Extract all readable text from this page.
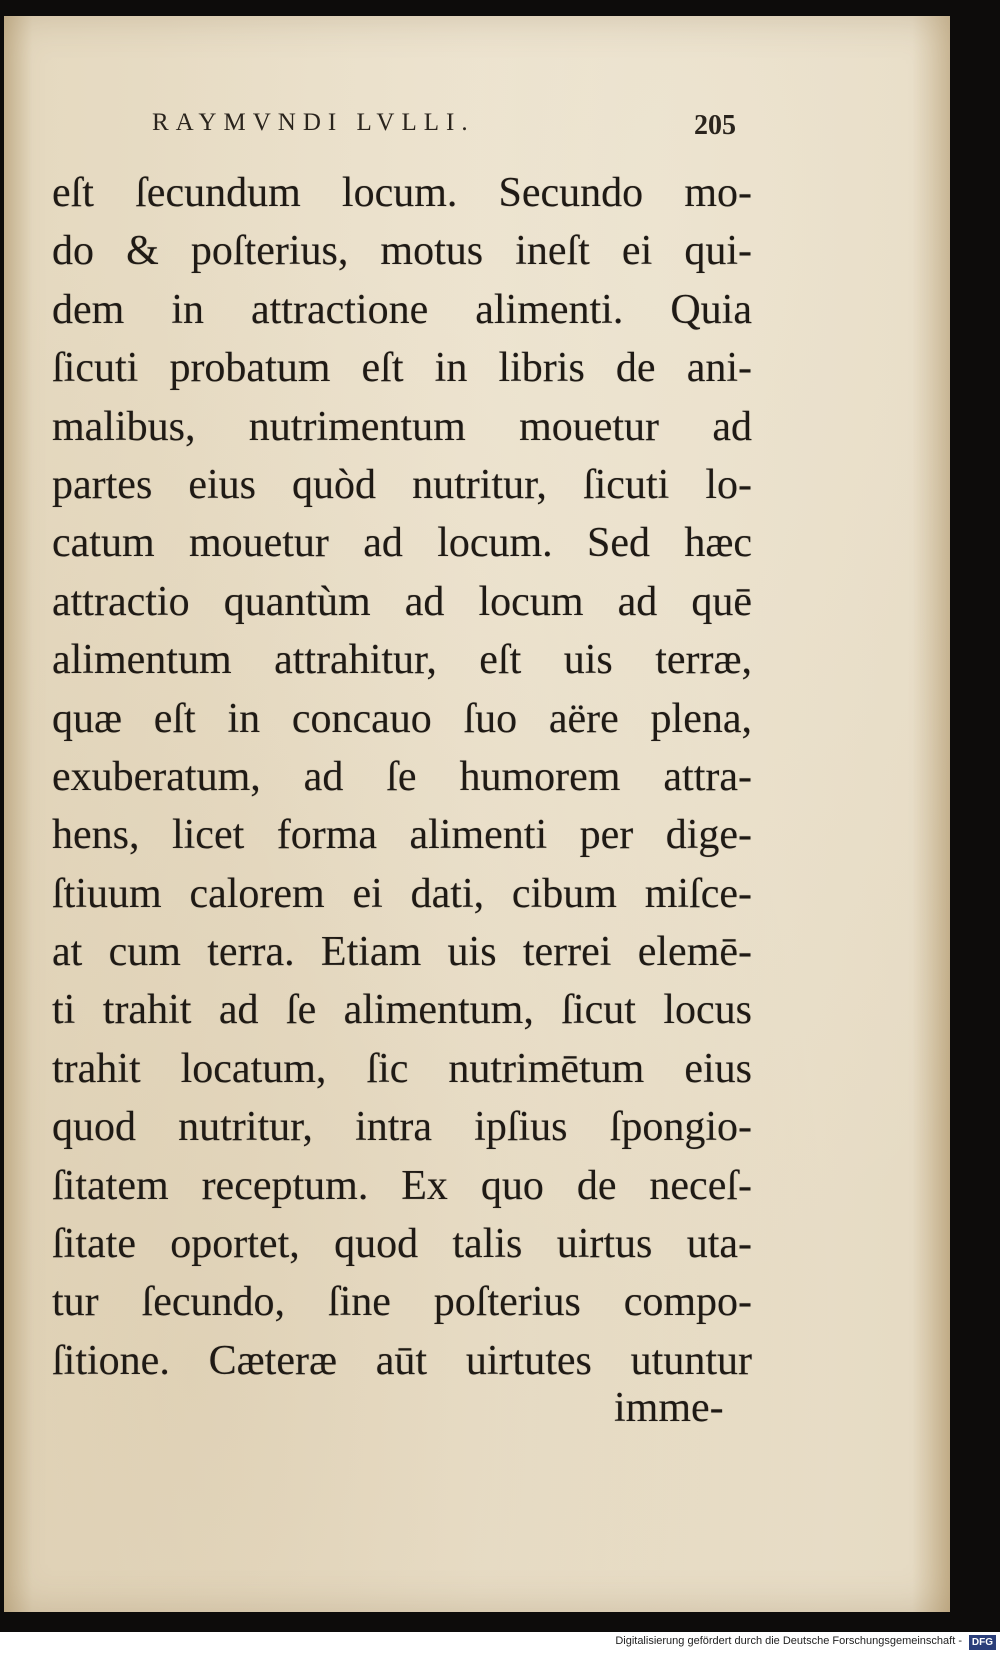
RAYMVNDI LVLLI.	205
eſt ſecundum locum. Secundo mo-
do & poſterius, motus ineſt ei qui-
dem in attractione alimenti. Quia
ſicuti probatum eſt in libris de ani-
malibus, nutrimentum mouetur ad
partes eius quòd nutritur, ſicuti lo-
catum mouetur ad locum. Sed hæc
attractio quantùm ad locum ad quē
alimentum attrahitur, eſt uis terræ,
quæ eſt in concauo ſuo aëre plena,
exuberatum, ad ſe humorem attra-
hens, licet forma alimenti per dige-
ſtiuum calorem ei dati, cibum miſce-
at cum terra. Etiam uis terrei elemē-
ti trahit ad ſe alimentum, ſicut locus
trahit locatum, ſic nutrimētum eius
quod nutritur, intra ipſius ſpongio-
ſitatem receptum. Ex quo de neceſ-
ſitate oportet, quod talis uirtus uta-
tur ſecundo, ſine poſterius compo-
ſitione. Cæteræ aūt uirtutes utuntur
imme-
Digitalisierung gefördert durch die Deutsche Forschungsgemeinschaft - DFG
